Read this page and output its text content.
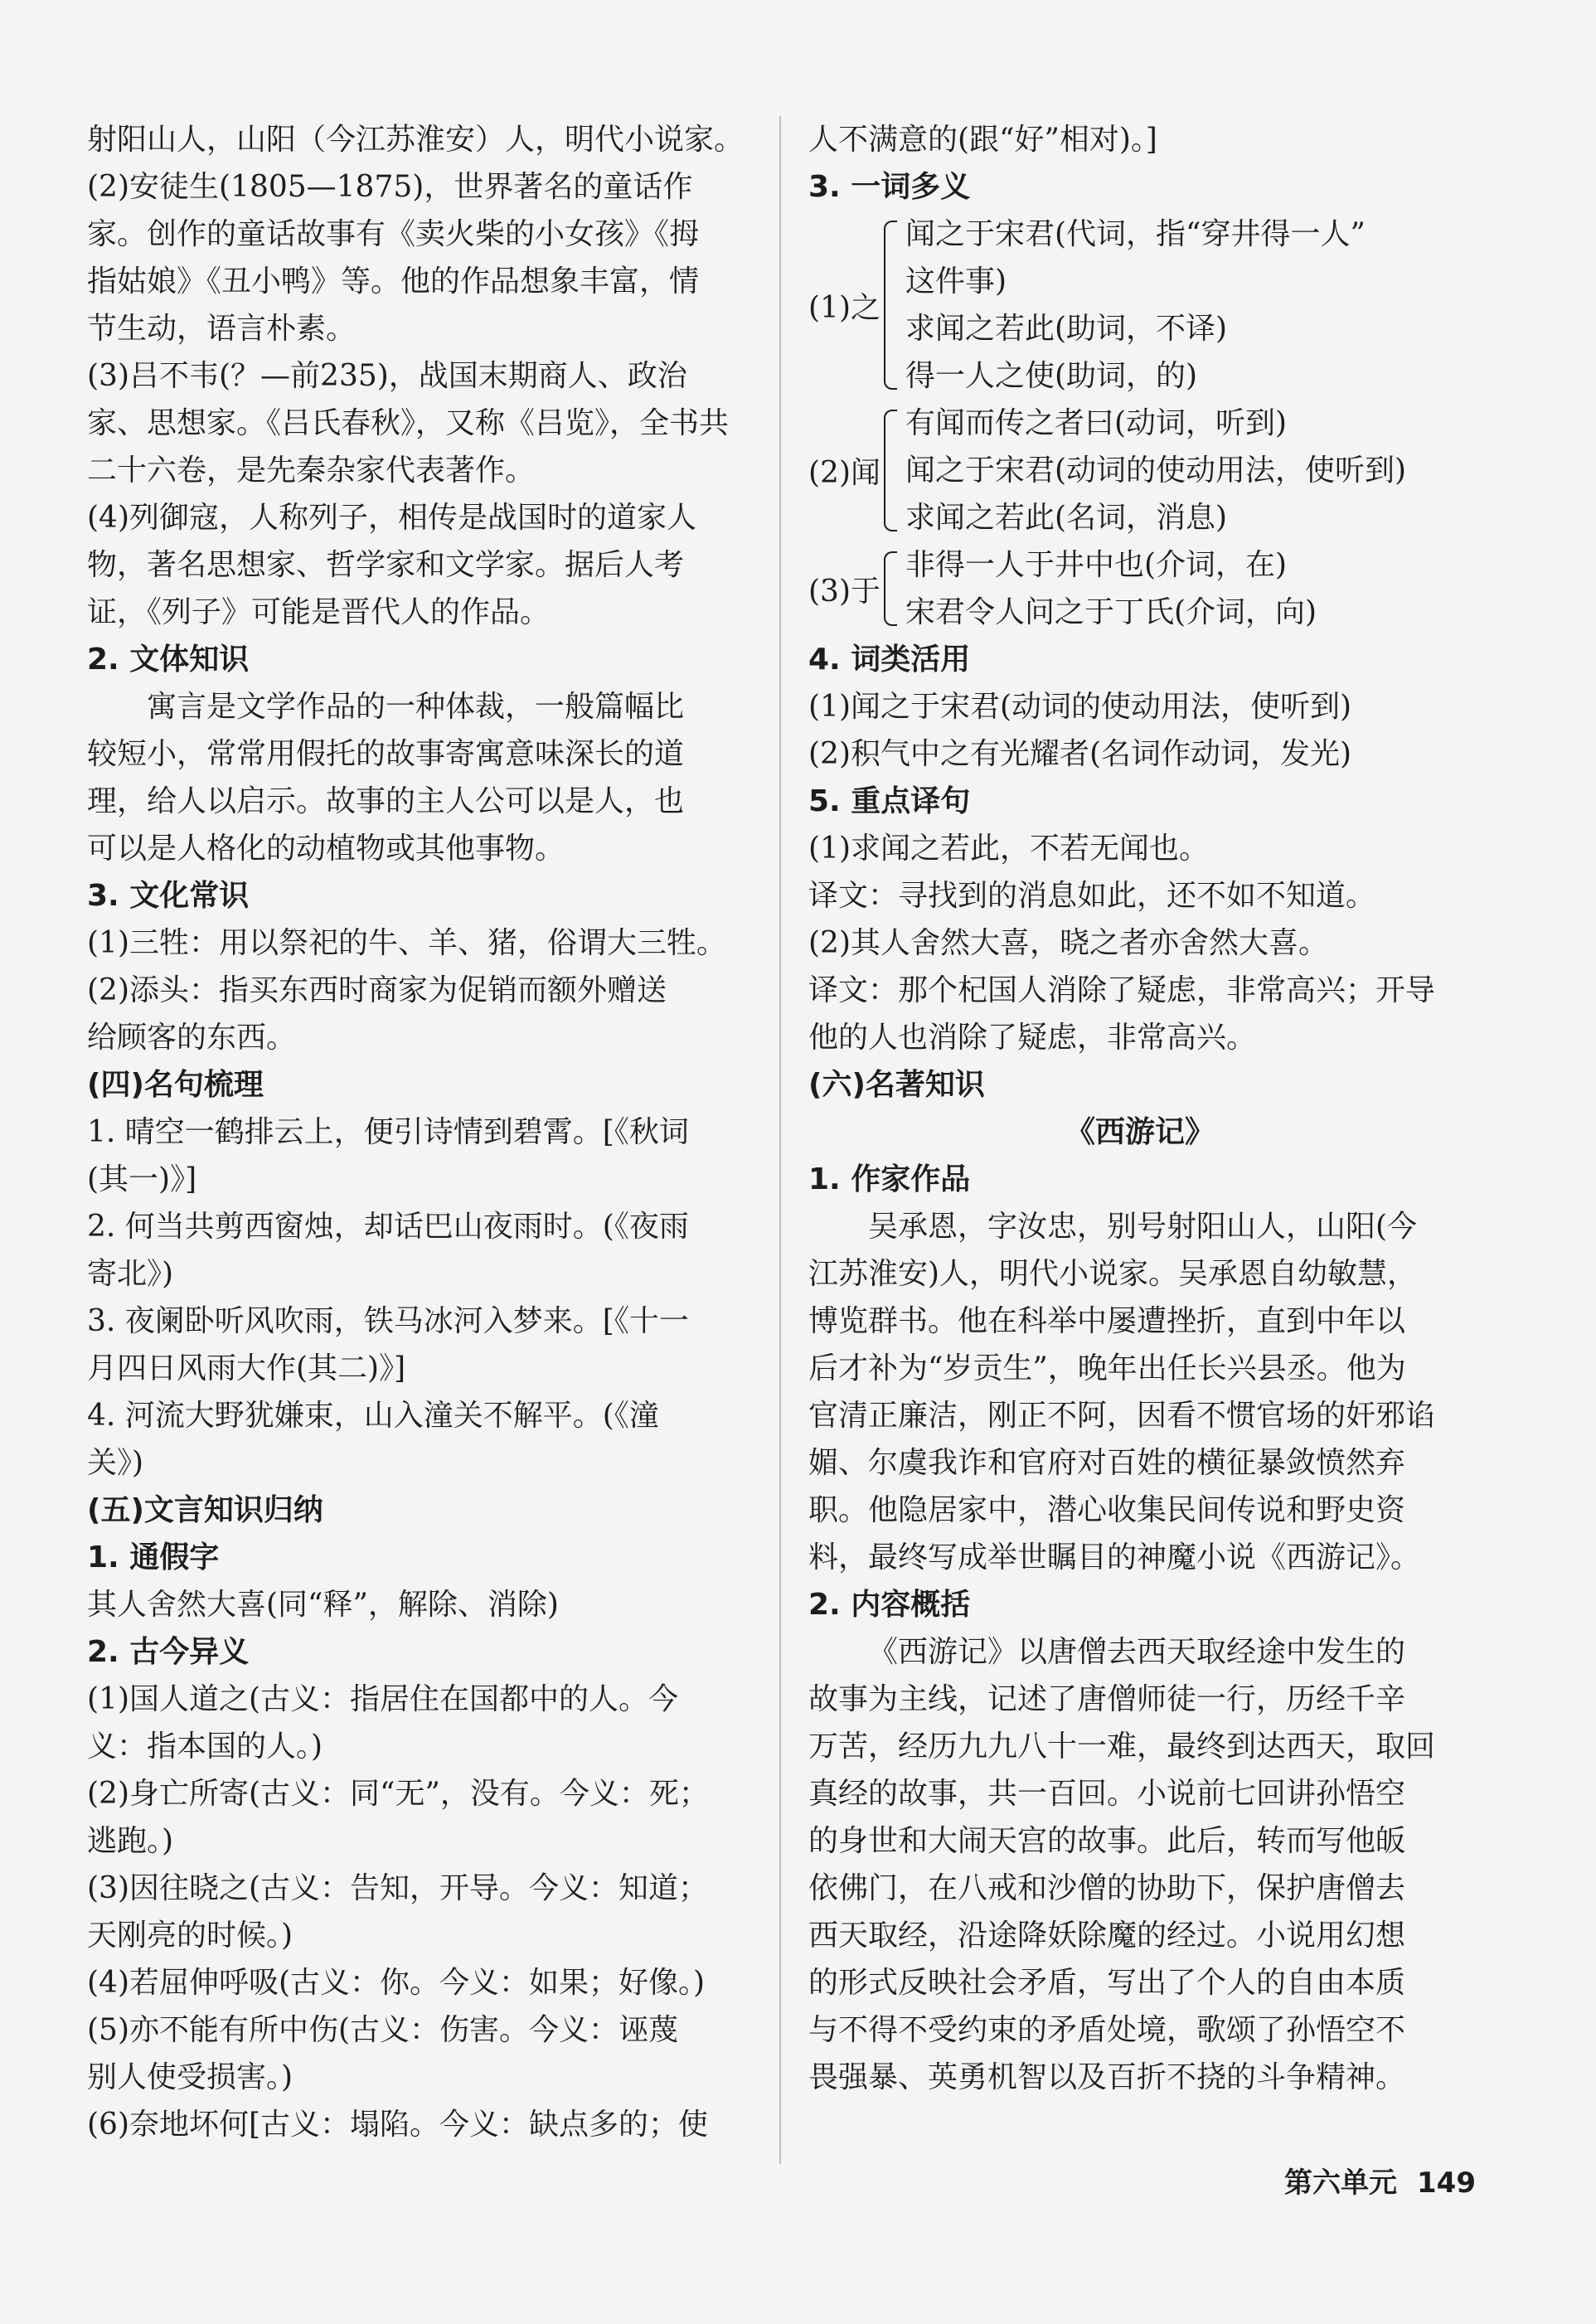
射阳山人，山阳（今江苏淮安）人，明代小说家。
(2)安徒生(1805—1875)，世界著名的童话作
家。创作的童话故事有《卖火柴的小女孩》《拇
指姑娘》《丑小鸭》等。他的作品想象丰富，情
节生动，语言朴素。
(3)吕不韦(？—前235)，战国末期商人、政治
家、思想家。《吕氏春秋》，又称《吕览》，全书共
二十六卷，是先秦杂家代表著作。
(4)列御寇，人称列子，相传是战国时的道家人
物，著名思想家、哲学家和文学家。据后人考
证，《列子》可能是晋代人的作品。
2. 文体知识
寓言是文学作品的一种体裁，一般篇幅比
较短小，常常用假托的故事寄寓意味深长的道
理，给人以启示。故事的主人公可以是人，也
可以是人格化的动植物或其他事物。
3. 文化常识
(1)三牲：用以祭祀的牛、羊、猪，俗谓大三牲。
(2)添头：指买东西时商家为促销而额外赠送
给顾客的东西。
(四)名句梳理
1. 晴空一鹤排云上，便引诗情到碧霄。[《秋词
(其一)》]
2. 何当共剪西窗烛，却话巴山夜雨时。(《夜雨
寄北》)
3. 夜阑卧听风吹雨，铁马冰河入梦来。[《十一
月四日风雨大作(其二)》]
4. 河流大野犹嫌束，山入潼关不解平。(《潼
关》)
(五)文言知识归纳
1. 通假字
其人舍然大喜(同“释”，解除、消除)
2. 古今异义
(1)国人道之(古义：指居住在国都中的人。今
义：指本国的人。)
(2)身亡所寄(古义：同“无”，没有。今义：死；
逃跑。)
(3)因往晓之(古义：告知，开导。今义：知道；
天刚亮的时候。)
(4)若屈伸呼吸(古义：你。今义：如果；好像。)
(5)亦不能有所中伤(古义：伤害。今义：诬蔑
别人使受损害。)
(6)奈地坏何[古义：塌陷。今义：缺点多的；使
人不满意的(跟“好”相对)。]
3. 一词多义
(1)之
闻之于宋君(代词，指“穿井得一人”
这件事)
求闻之若此(助词，不译)
得一人之使(助词，的)
(2)闻
有闻而传之者曰(动词，听到)
闻之于宋君(动词的使动用法，使听到)
求闻之若此(名词，消息)
(3)于
非得一人于井中也(介词，在)
宋君令人问之于丁氏(介词，向)
4. 词类活用
(1)闻之于宋君(动词的使动用法，使听到)
(2)积气中之有光耀者(名词作动词，发光)
5. 重点译句
(1)求闻之若此，不若无闻也。
译文：寻找到的消息如此，还不如不知道。
(2)其人舍然大喜，晓之者亦舍然大喜。
译文：那个杞国人消除了疑虑，非常高兴；开导
他的人也消除了疑虑，非常高兴。
(六)名著知识
《西游记》
1. 作家作品
吴承恩，字汝忠，别号射阳山人，山阳(今
江苏淮安)人，明代小说家。吴承恩自幼敏慧，
博览群书。他在科举中屡遭挫折，直到中年以
后才补为“岁贡生”，晚年出任长兴县丞。他为
官清正廉洁，刚正不阿，因看不惯官场的奸邪谄
媚、尔虞我诈和官府对百姓的横征暴敛愤然弃
职。他隐居家中，潜心收集民间传说和野史资
料，最终写成举世瞩目的神魔小说《西游记》。
2. 内容概括
《西游记》以唐僧去西天取经途中发生的
故事为主线，记述了唐僧师徒一行，历经千辛
万苦，经历九九八十一难，最终到达西天，取回
真经的故事，共一百回。小说前七回讲孙悟空
的身世和大闹天宫的故事。此后，转而写他皈
依佛门，在八戒和沙僧的协助下，保护唐僧去
西天取经，沿途降妖除魔的经过。小说用幻想
的形式反映社会矛盾，写出了个人的自由本质
与不得不受约束的矛盾处境，歌颂了孙悟空不
畏强暴、英勇机智以及百折不挠的斗争精神。
第六单元 149
